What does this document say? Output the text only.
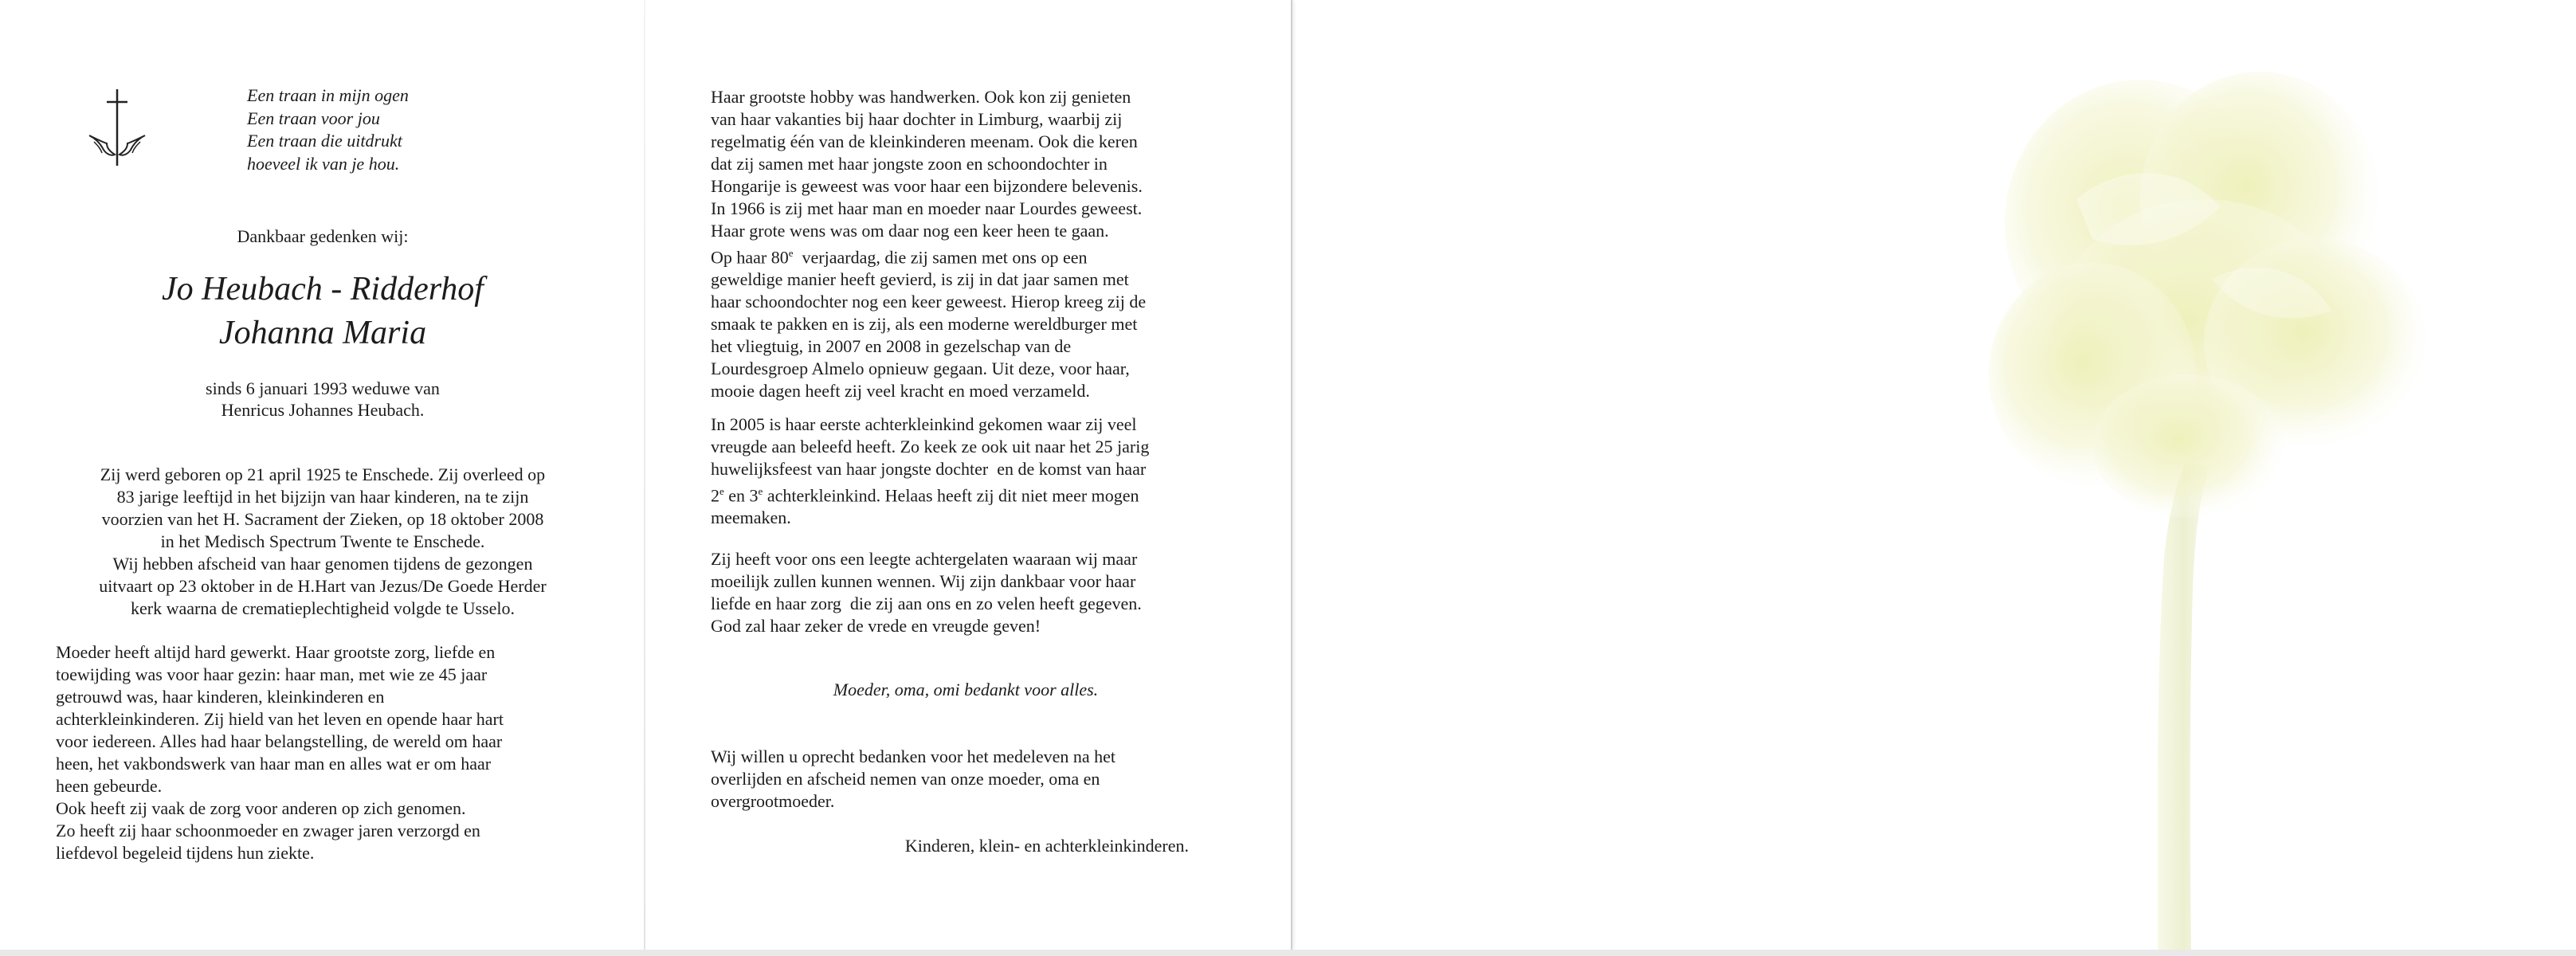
Een traan in mijn ogen
Een traan voor jou
Een traan die uitdrukt
hoeveel ik van je hou.
Dankbaar gedenken wij:
Jo Heubach - Ridderhof
Johanna Maria
sinds 6 januari 1993 weduwe van
Henricus Johannes Heubach.
Zij werd geboren op 21 april 1925 te Enschede. Zij overleed op
83 jarige leeftijd in het bijzijn van haar kinderen, na te zijn
voorzien van het H. Sacrament der Zieken, op 18 oktober 2008
in het Medisch Spectrum Twente te Enschede.
Wij hebben afscheid van haar genomen tijdens de gezongen
uitvaart op 23 oktober in de H.Hart van Jezus/De Goede Herder
kerk waarna de crematieplechtigheid volgde te Usselo.
Moeder heeft altijd hard gewerkt. Haar grootste zorg, liefde en
toewijding was voor haar gezin: haar man, met wie ze 45 jaar
getrouwd was, haar kinderen, kleinkinderen en
achterkleinkinderen. Zij hield van het leven en opende haar hart
voor iedereen. Alles had haar belangstelling, de wereld om haar
heen, het vakbondswerk van haar man en alles wat er om haar
heen gebeurde.
Ook heeft zij vaak de zorg voor anderen op zich genomen.
Zo heeft zij haar schoonmoeder en zwager jaren verzorgd en
liefdevol begeleid tijdens hun ziekte.
Haar grootste hobby was handwerken. Ook kon zij genieten
van haar vakanties bij haar dochter in Limburg, waarbij zij
regelmatig één van de kleinkinderen meenam. Ook die keren
dat zij samen met haar jongste zoon en schoondochter in
Hongarije is geweest was voor haar een bijzondere belevenis.
In 1966 is zij met haar man en moeder naar Lourdes geweest.
Haar grote wens was om daar nog een keer heen te gaan.
Op haar 80e  verjaardag, die zij samen met ons op een
geweldige manier heeft gevierd, is zij in dat jaar samen met
haar schoondochter nog een keer geweest. Hierop kreeg zij de
smaak te pakken en is zij, als een moderne wereldburger met
het vliegtuig, in 2007 en 2008 in gezelschap van de
Lourdesgroep Almelo opnieuw gegaan. Uit deze, voor haar,
mooie dagen heeft zij veel kracht en moed verzameld.
In 2005 is haar eerste achterkleinkind gekomen waar zij veel
vreugde aan beleefd heeft. Zo keek ze ook uit naar het 25 jarig
huwelijksfeest van haar jongste dochter  en de komst van haar
2e en 3e achterkleinkind. Helaas heeft zij dit niet meer mogen
meemaken.
Zij heeft voor ons een leegte achtergelaten waaraan wij maar
moeilijk zullen kunnen wennen. Wij zijn dankbaar voor haar
liefde en haar zorg  die zij aan ons en zo velen heeft gegeven.
God zal haar zeker de vrede en vreugde geven!
Moeder, oma, omi bedankt voor alles.
Wij willen u oprecht bedanken voor het medeleven na het
overlijden en afscheid nemen van onze moeder, oma en
overgrootmoeder.
Kinderen, klein- en achterkleinkinderen.
